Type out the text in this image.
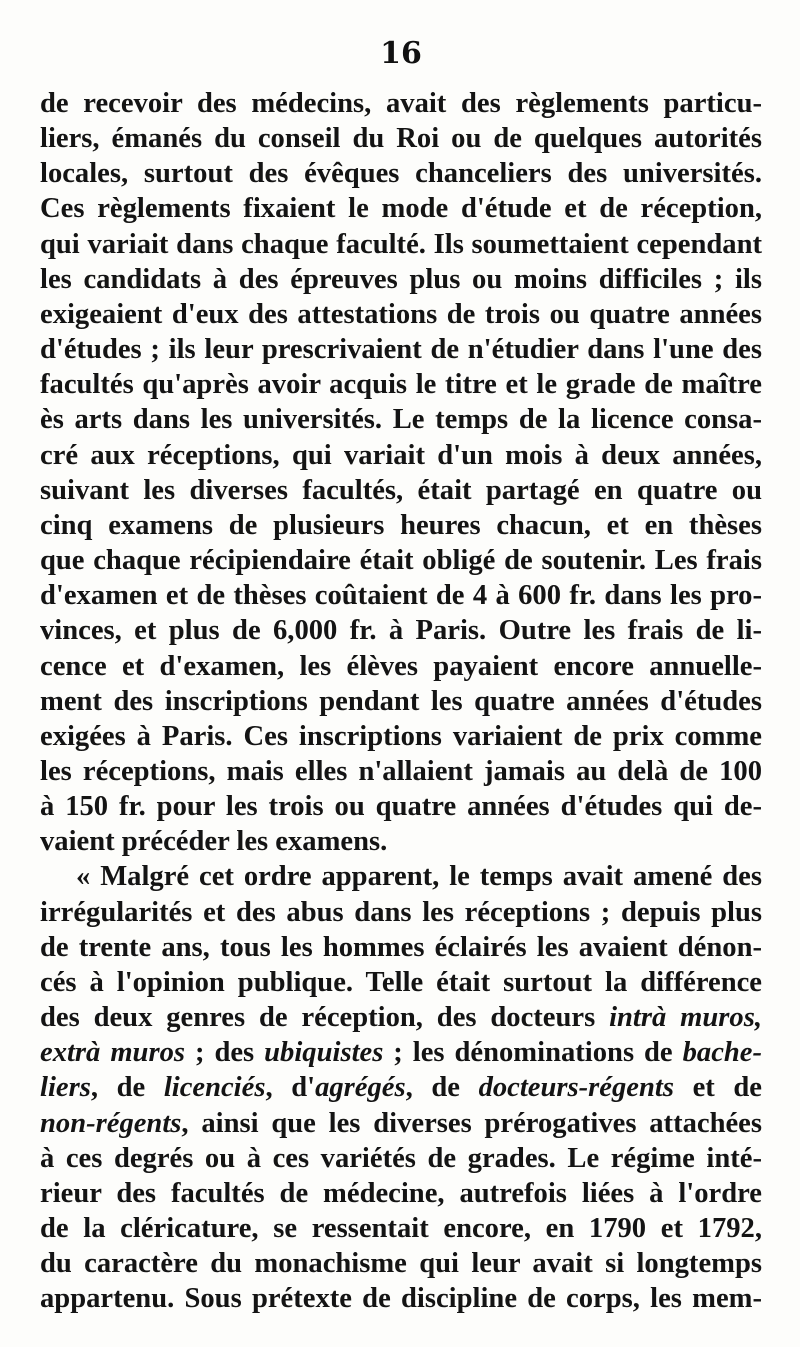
16
de recevoir des médecins, avait des règlements particu-
liers, émanés du conseil du Roi ou de quelques autorités
locales, surtout des évêques chanceliers des universités.
Ces règlements fixaient le mode d'étude et de réception,
qui variait dans chaque faculté. Ils soumettaient cependant
les candidats à des épreuves plus ou moins difficiles ; ils
exigeaient d'eux des attestations de trois ou quatre années
d'études ; ils leur prescrivaient de n'étudier dans l'une des
facultés qu'après avoir acquis le titre et le grade de maître
ès arts dans les universités. Le temps de la licence consa-
cré aux réceptions, qui variait d'un mois à deux années,
suivant les diverses facultés, était partagé en quatre ou
cinq examens de plusieurs heures chacun, et en thèses
que chaque récipiendaire était obligé de soutenir. Les frais
d'examen et de thèses coûtaient de 4 à 600 fr. dans les pro-
vinces, et plus de 6,000 fr. à Paris. Outre les frais de li-
cence et d'examen, les élèves payaient encore annuelle-
ment des inscriptions pendant les quatre années d'études
exigées à Paris. Ces inscriptions variaient de prix comme
les réceptions, mais elles n'allaient jamais au delà de 100
à 150 fr. pour les trois ou quatre années d'études qui de-
vaient précéder les examens.
« Malgré cet ordre apparent, le temps avait amené des
irrégularités et des abus dans les réceptions ; depuis plus
de trente ans, tous les hommes éclairés les avaient dénon-
cés à l'opinion publique. Telle était surtout la différence
des deux genres de réception, des docteurs intrà muros,
extrà muros ; des ubiquistes ; les dénominations de bache-
liers, de licenciés, d'agrégés, de docteurs-régents et de
non-régents, ainsi que les diverses prérogatives attachées
à ces degrés ou à ces variétés de grades. Le régime inté-
rieur des facultés de médecine, autrefois liées à l'ordre
de la cléricature, se ressentait encore, en 1790 et 1792,
du caractère du monachisme qui leur avait si longtemps
appartenu. Sous prétexte de discipline de corps, les mem-
